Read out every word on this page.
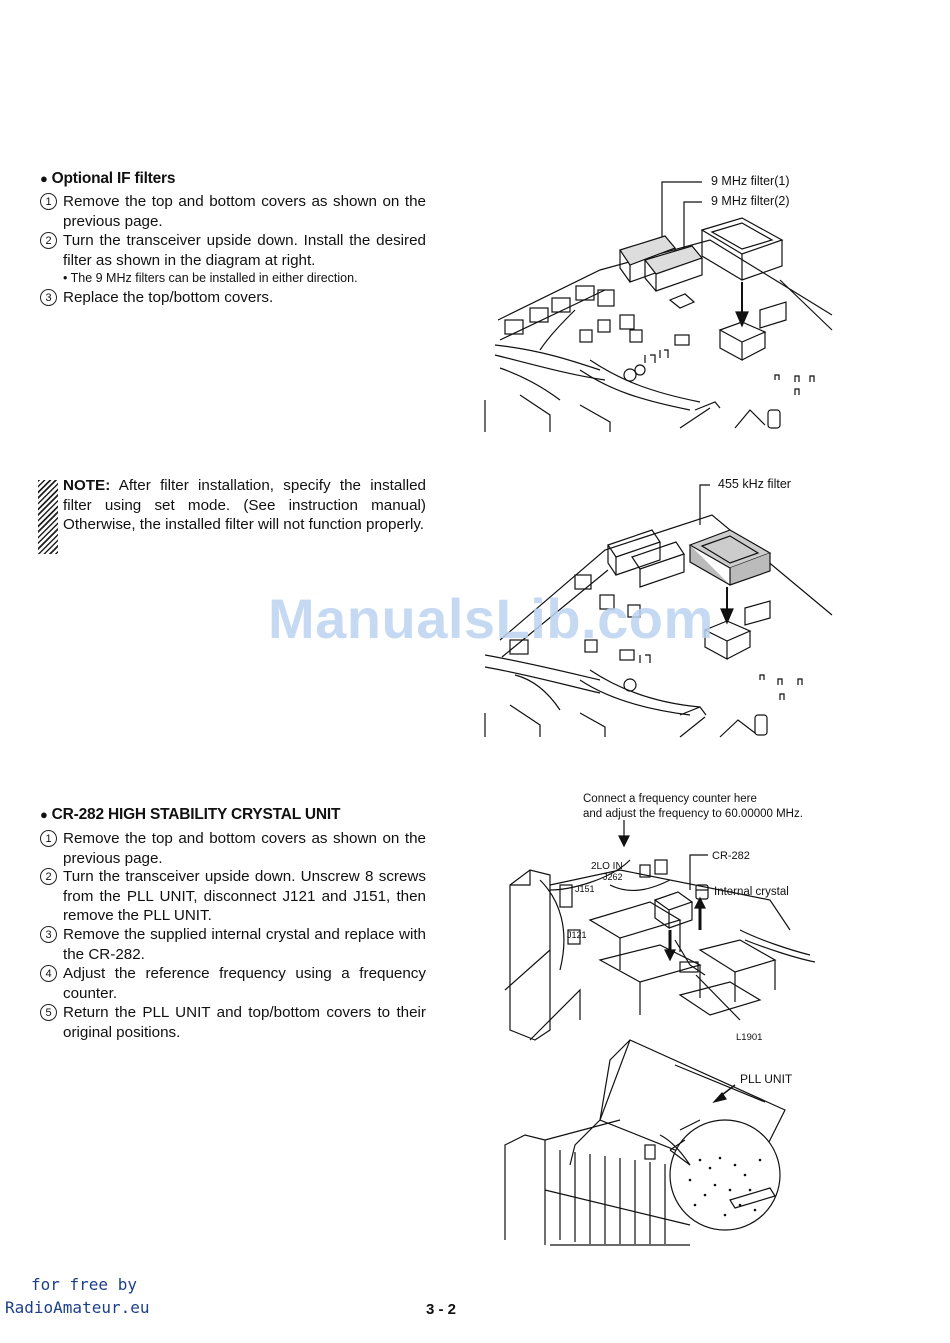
● Optional IF filters
1 Remove the top and bottom covers as shown on the previous page.
2 Turn the transceiver upside down. Install the desired filter as shown in the diagram at right.
• The 9 MHz filters can be installed in either direction.
3 Replace the top/bottom covers.
NOTE: After filter installation, specify the installed filter using set mode. (See instruction manual) Otherwise, the installed filter will not function properly.
● CR-282 HIGH STABILITY CRYSTAL UNIT
1 Remove the top and bottom covers as shown on the previous page.
2 Turn the transceiver upside down. Unscrew 8 screws from the PLL UNIT, disconnect J121 and J151, then remove the PLL UNIT.
3 Remove the supplied internal crystal and replace with the CR-282.
4 Adjust the reference frequency using a frequency counter.
5 Return the PLL UNIT and top/bottom covers to their original positions.
9 MHz filter(1)
9 MHz filter(2)
455 kHz filter
Connect a frequency counter here
and adjust the frequency to 60.00000 MHz.
CR-282
2LO IN
J262
J151
J121
Internal crystal
L1901
PLL UNIT
ManualsLib.com
for free by
RadioAmateur.eu	3 - 2
